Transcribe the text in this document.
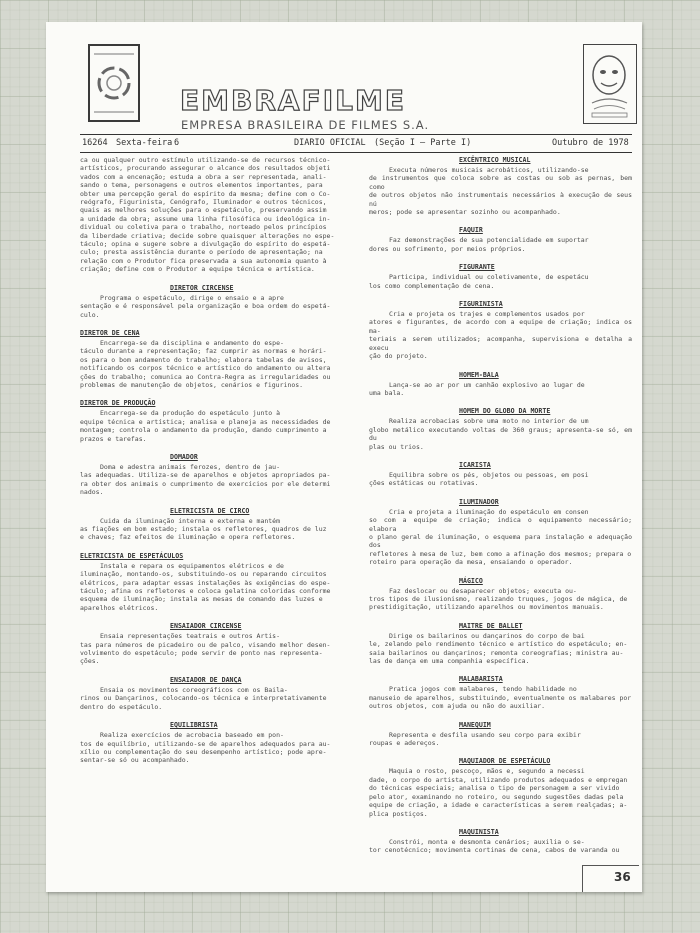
EMBRAFILME
EMPRESA BRASILEIRA DE FILMES S.A.
16264 Sexta-feira 6	DIARIO OFICIAL (Seção I — Parte I)	Outubro de 1978

ca ou qualquer outro estímulo utilizando-se de recursos técnico-
artísticos, procurando assegurar o alcance dos resultados objeti
vados com a encenação; estuda a obra a ser representada, anali-
sando o tema, personagens e outros elementos importantes, para
obter uma percepção geral do espírito da mesma; define com o Co-
reógrafo, Figurinista, Cenógrafo, Iluminador e outros técnicos,
quais as melhores soluções para o espetáculo, preservando assim
a unidade da obra; assume uma linha filosófica ou ideológica in-
dividual ou coletiva para o trabalho, norteado pelos princípios
da liberdade criativa; decide sobre quaisquer alterações no espe-
táculo; opina e sugere sobre a divulgação do espírito do espetá-
culo; presta assistência durante o período de apresentação; na
relação com o Produtor fica preservada a sua autonomia quanto à
criação; define com o Produtor a equipe técnica e artística.

DIRETOR CIRCENSE

Programa o espetáculo, dirige o ensaio e a apre
sentação e é responsável pela organização e boa ordem do espetá-
culo.

DIRETOR DE CENA

Encarrega-se da disciplina e andamento do espe-
táculo durante a representação; faz cumprir as normas e horári-
os para o bom andamento do trabalho; elabora tabelas de avisos,
notificando os corpos técnico e artístico do andamento ou altera
ções do trabalho; comunica ao Contra-Regra as irregularidades ou
problemas de manutenção de objetos, cenários e figurinos.

DIRETOR DE PRODUÇÃO

Encarrega-se da produção do espetáculo junto à
equipe técnica e artística; analisa e planeja as necessidades de
montagem; controla o andamento da produção, dando cumprimento a
prazos e tarefas.

DOMADOR

Doma e adestra animais ferozes, dentro de jau-
las adequadas. Utiliza-se de aparelhos e objetos apropriados pa-
ra obter dos animais o cumprimento de exercícios por ele determi
nados.

ELETRICISTA DE CIRCO

Cuida da iluminação interna e externa e mantém
as fiações em bom estado; instala os refletores, quadros de luz
e chaves; faz efeitos de iluminação e opera refletores.

ELETRICISTA DE ESPETÁCULOS

Instala e repara os equipamentos elétricos e de
iluminação, montando-os, substituindo-os ou reparando circuitos
elétricos, para adaptar essas instalações às exigências do espe-
táculo; afina os refletores e coloca gelatina coloridas conforme
esquema de iluminação; instala as mesas de comando das luzes e
aparelhos elétricos.

ENSAIADOR CIRCENSE

Ensaia representações teatrais e outros Artis-
tas para números de picadeiro ou de palco, visando melhor desen-
volvimento do espetáculo; pode servir de ponto nas representa-
ções.

ENSAIADOR DE DANÇA

Ensaia os movimentos coreográficos com os Baila-
rinos ou Dançarinos, colocando-os técnica e interpretativamente
dentro do espetáculo.

EQUILIBRISTA

Realiza exercícios de acrobacia baseado em pon-
tos de equilíbrio, utilizando-se de aparelhos adequados para au-
xílio ou complementação do seu desempenho artístico; pode apre-
sentar-se só ou acompanhado.

EXCÊNTRICO MUSICAL

Executa números musicais acrobáticos, utilizando-se
de instrumentos que coloca sobre as costas ou sob as pernas, bem como
de outros objetos não instrumentais necessários à execução de seus nú
meros; pode se apresentar sozinho ou acompanhado.

FAQUIR

Faz demonstrações de sua potencialidade em suportar
dores ou sofrimento, por meios próprios.

FIGURANTE

Participa, individual ou coletivamente, de espetácu
los como complementação de cena.

FIGURINISTA

Cria e projeta os trajes e complementos usados por
atores e figurantes, de acordo com a equipe de criação; indica os ma-
teriais a serem utilizados; acompanha, supervisiona e detalha a execu
ção do projeto.

HOMEM-BALA

Lança-se ao ar por um canhão explosivo ao lugar de
uma bala.

HOMEM DO GLOBO DA MORTE

Realiza acrobacias sobre uma moto no interior de um
globo metálico executando voltas de 360 graus; apresenta-se só, em du
plas ou trios.

ICARISTA

Equilibra sobre os pés, objetos ou pessoas, em posi
ções estáticas ou rotativas.

ILUMINADOR

Cria e projeta a iluminação do espetáculo em consen
so com a equipe de criação; indica o equipamento necessário; elabora
o plano geral de iluminação, o esquema para instalação e adequação dos
refletores à mesa de luz, bem como a afinação dos mesmos; prepara o
roteiro para operação da mesa, ensaiando o operador.

MÁGICO

Faz deslocar ou desaparecer objetos; executa ou-
tros tipos de ilusionismo, realizando truques, jogos de mágica, de
prestidigitação, utilizando aparelhos ou movimentos manuais.

MAITRE DE BALLET

Dirige os bailarinos ou dançarinos do corpo de bai
le, zelando pelo rendimento técnico e artístico do espetáculo; en-
saia bailarinos ou dançarinos; remonta coreografias; ministra au-
las de dança em uma companhia específica.

MALABARISTA

Pratica jogos com malabares, tendo habilidade no
manuseio de aparelhos, substituindo, eventualmente os malabares por
outros objetos, com ajuda ou não do auxiliar.

MANEQUIM

Representa e desfila usando seu corpo para exibir
roupas e adereços.

MAQUIADOR DE ESPETÁCULO

Maquia o rosto, pescoço, mãos e, segundo a necessi
dade, o corpo do artista, utilizando produtos adequados e empregan
do técnicas especiais; analisa o tipo de personagem a ser vivido
pelo ator, examinando no roteiro, ou segundo sugestões dadas pela
equipe de criação, a idade e características a serem realçadas; a-
plica postiços.

MAQUINISTA

Constrói, monta e desmonta cenários; auxilia o se-
tor cenotécnico; movimenta cortinas de cena, cabos de varanda ou

36
